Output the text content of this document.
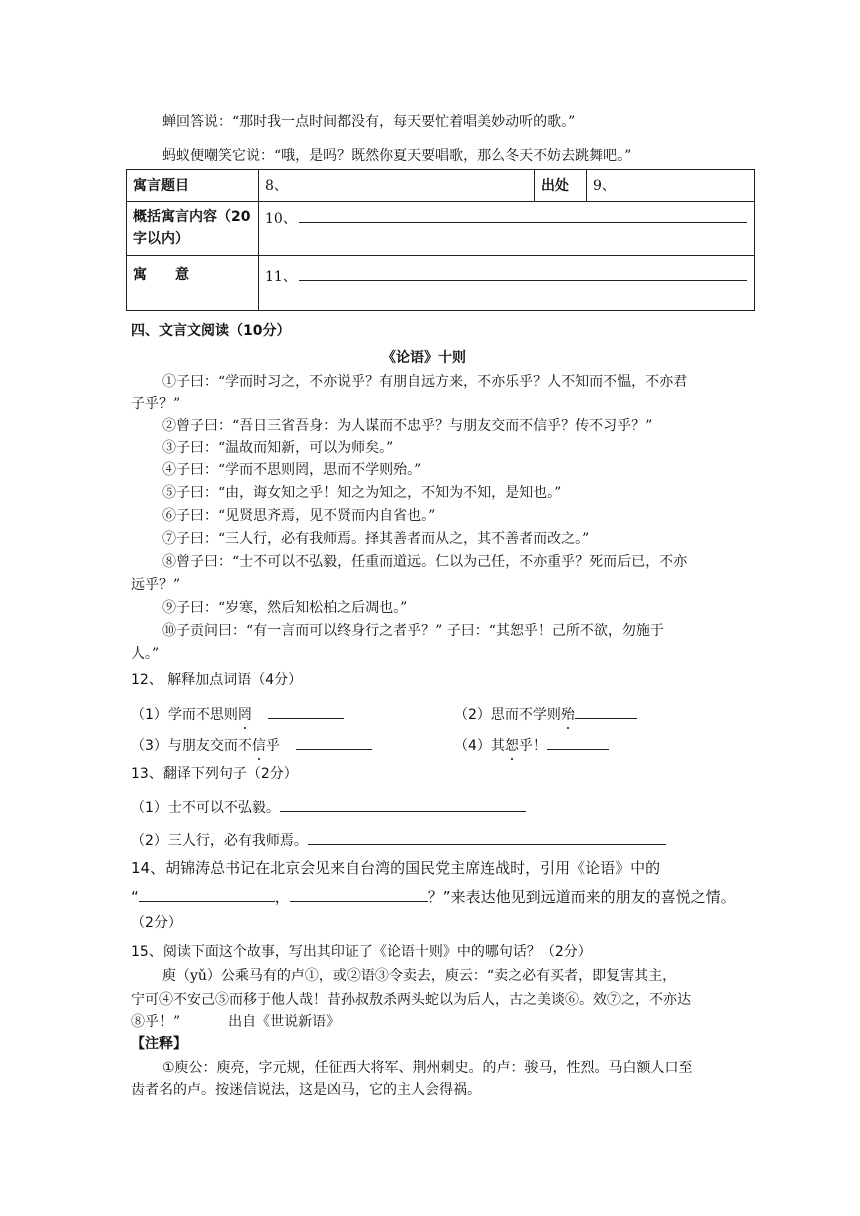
蝉回答说：“那时我一点时间都没有，每天要忙着唱美妙动听的歌。”
蚂蚁便嘲笑它说：“哦，是吗？既然你夏天要唱歌，那么冬天不妨去跳舞吧。”
寓言题目	8、	出处	9、
概括寓言内容（20字以内）	10、		
寓　　意	11、		
四、文言文阅读（10分）
《论语》十则
①子曰：“学而时习之，不亦说乎？有朋自远方来，不亦乐乎？人不知而不愠，不亦君
子乎？”
②曾子曰：“吾日三省吾身：为人谋而不忠乎？与朋友交而不信乎？传不习乎？”
③子曰：“温故而知新，可以为师矣。”
④子曰：“学而不思则罔，思而不学则殆。”
⑤子曰：“由，诲女知之乎！知之为知之，不知为不知，是知也。”
⑥子曰：“见贤思齐焉，见不贤而内自省也。”
⑦子曰：“三人行，必有我师焉。择其善者而从之，其不善者而改之。”
⑧曾子曰：“士不可以不弘毅，任重而道远。仁以为己任，不亦重乎？死而后已，不亦
远乎？”
⑨子曰：“岁寒，然后知松柏之后凋也。”
⑩子贡问曰：“有一言而可以终身行之者乎？” 子曰：“其恕乎！己所不欲，勿施于
人。”
12、 解释加点词语（4分）
（1）学而不思则罔	（2）思而不学则殆
（3）与朋友交而不信乎	（4）其恕乎！
13、翻译下列句子（2分）
（1）士不可以不弘毅。
（2）三人行，必有我师焉。
14、胡锦涛总书记在北京会见来自台湾的国民党主席连战时，引用《论语》中的
“	，	？”来表达他见到远道而来的朋友的喜悦之情。
（2分）
15、阅读下面这个故事，写出其印证了《论语十则》中的哪句话？（2分）
庾（yǔ）公乘马有的卢①，或②语③令卖去，庾云：“卖之必有买者，即复害其主，
宁可④不安己⑤而移于他人哉！昔孙叔敖杀两头蛇以为后人，古之美谈⑥。效⑦之，不亦达
⑧乎！”	出自《世说新语》
【注释】
①庾公：庾亮，字元规，任征西大将军、荆州刺史。的卢：骏马，性烈。马白额人口至
齿者名的卢。按迷信说法，这是凶马，它的主人会得祸。
